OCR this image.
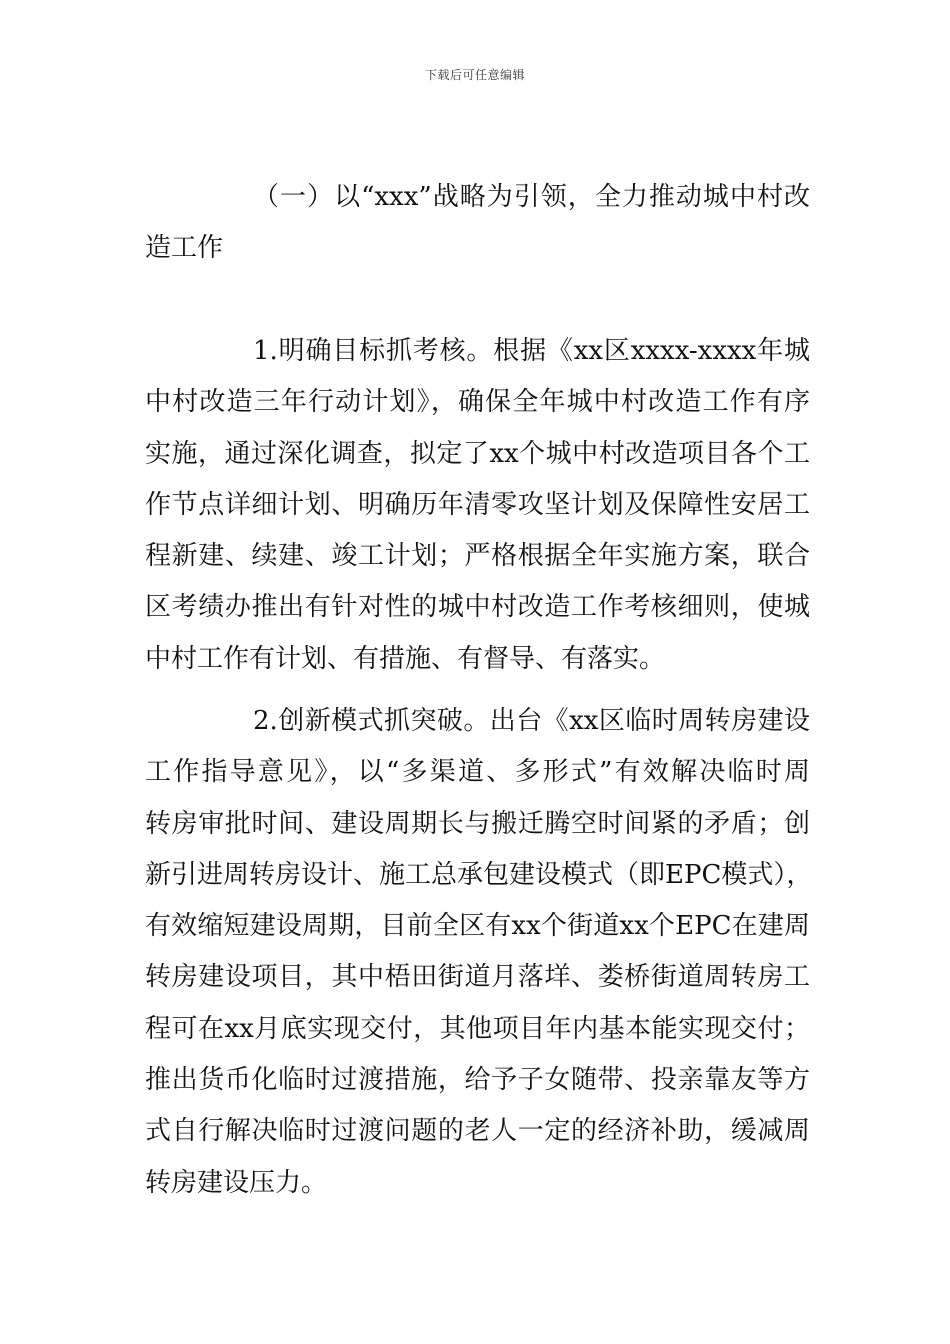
下载后可任意编辑
（一）以“xxx”战略为引领，全力推动城中村改
造工作
1.明确目标抓考核。根据《xx区xxxx-xxxx年城
中村改造三年行动计划》，确保全年城中村改造工作有序
实施，通过深化调查，拟定了xx个城中村改造项目各个工
作节点详细计划、明确历年清零攻坚计划及保障性安居工
程新建、续建、竣工计划；严格根据全年实施方案，联合
区考绩办推出有针对性的城中村改造工作考核细则，使城
中村工作有计划、有措施、有督导、有落实。
2.创新模式抓突破。出台《xx区临时周转房建设
工作指导意见》，以“多渠道、多形式”有效解决临时周
转房审批时间、建设周期长与搬迁腾空时间紧的矛盾；创
新引进周转房设计、施工总承包建设模式（即EPC模式），
有效缩短建设周期，目前全区有xx个街道xx个EPC在建周
转房建设项目，其中梧田街道月落垟、娄桥街道周转房工
程可在xx月底实现交付，其他项目年内基本能实现交付；
推出货币化临时过渡措施，给予子女随带、投亲靠友等方
式自行解决临时过渡问题的老人一定的经济补助，缓减周
转房建设压力。
